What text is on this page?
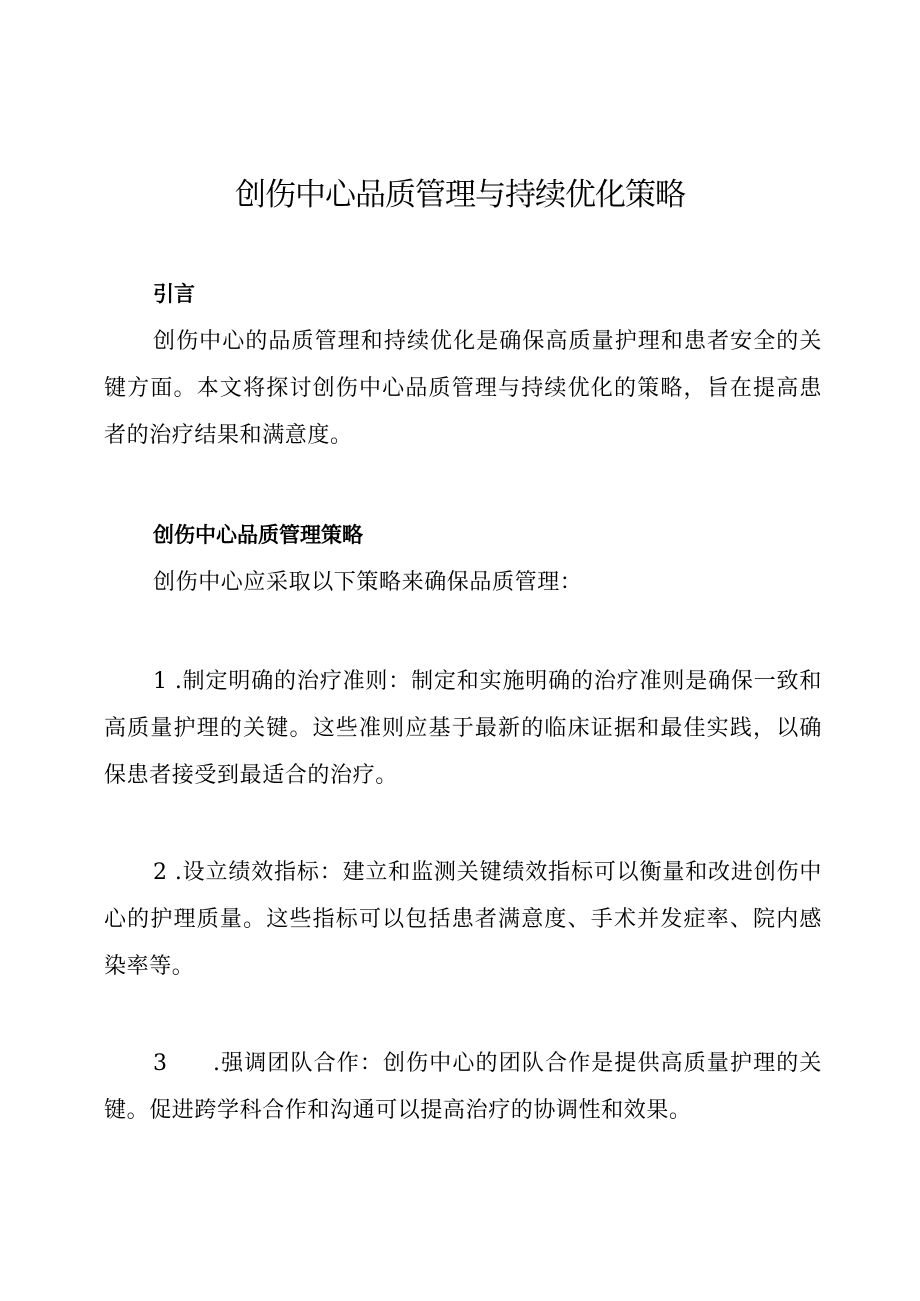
创伤中心品质管理与持续优化策略
引言

创伤中心的品质管理和持续优化是确保高质量护理和患者安全的关键方面。本文将探讨创伤中心品质管理与持续优化的策略，旨在提高患者的治疗结果和满意度。

创伤中心品质管理策略

创伤中心应采取以下策略来确保品质管理：

1 .制定明确的治疗准则：制定和实施明确的治疗准则是确保一致和高质量护理的关键。这些准则应基于最新的临床证据和最佳实践，以确保患者接受到最适合的治疗。

2 .设立绩效指标：建立和监测关键绩效指标可以衡量和改进创伤中心的护理质量。这些指标可以包括患者满意度、手术并发症率、院内感染率等。

3 .强调团队合作：创伤中心的团队合作是提供高质量护理的关键。促进跨学科合作和沟通可以提高治疗的协调性和效果。
